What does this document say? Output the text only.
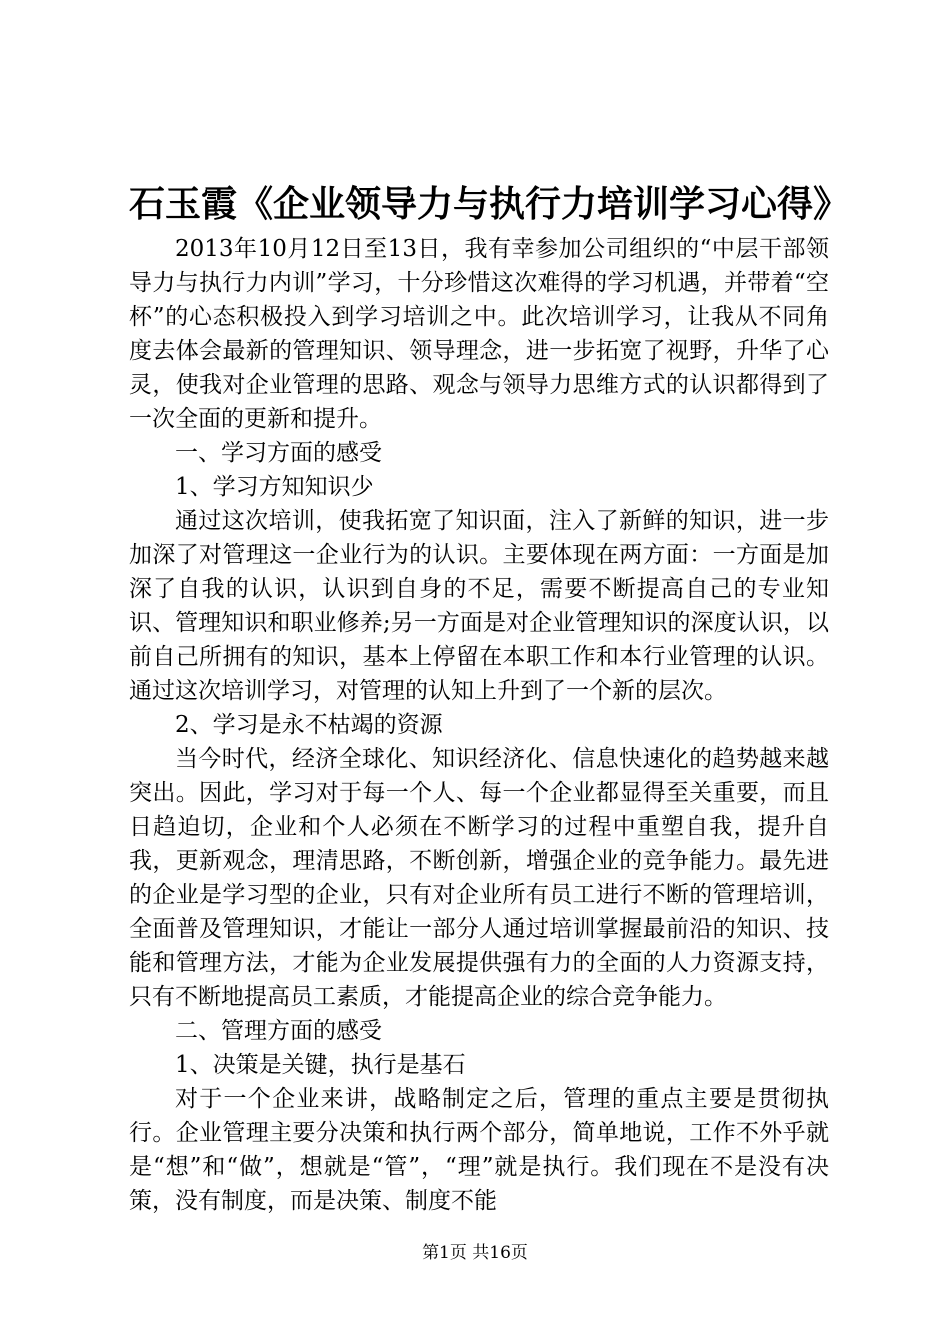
石玉霞《企业领导力与执行力培训学习心得》

2013年10月12日至13日，我有幸参加公司组织的“中层干部领导力与执行力内训”学习，十分珍惜这次难得的学习机遇，并带着“空杯”的心态积极投入到学习培训之中。此次培训学习，让我从不同角度去体会最新的管理知识、领导理念，进一步拓宽了视野，升华了心灵，使我对企业管理的思路、观念与领导力思维方式的认识都得到了一次全面的更新和提升。

一、学习方面的感受

1、学习方知知识少

通过这次培训，使我拓宽了知识面，注入了新鲜的知识，进一步加深了对管理这一企业行为的认识。主要体现在两方面：一方面是加深了自我的认识，认识到自身的不足，需要不断提高自己的专业知识、管理知识和职业修养;另一方面是对企业管理知识的深度认识，以前自己所拥有的知识，基本上停留在本职工作和本行业管理的认识。通过这次培训学习，对管理的认知上升到了一个新的层次。

2、学习是永不枯竭的资源

当今时代，经济全球化、知识经济化、信息快速化的趋势越来越突出。因此，学习对于每一个人、每一个企业都显得至关重要，而且日趋迫切，企业和个人必须在不断学习的过程中重塑自我，提升自我，更新观念，理清思路，不断创新，增强企业的竞争能力。最先进的企业是学习型的企业，只有对企业所有员工进行不断的管理培训，全面普及管理知识，才能让一部分人通过培训掌握最前沿的知识、技能和管理方法，才能为企业发展提供强有力的全面的人力资源支持，只有不断地提高员工素质，才能提高企业的综合竞争能力。

二、管理方面的感受

1、决策是关键，执行是基石

对于一个企业来讲，战略制定之后，管理的重点主要是贯彻执行。企业管理主要分决策和执行两个部分，简单地说，工作不外乎就是“想”和“做”，想就是“管”，“理”就是执行。我们现在不是没有决策，没有制度，而是决策、制度不能

第1页 共16页
